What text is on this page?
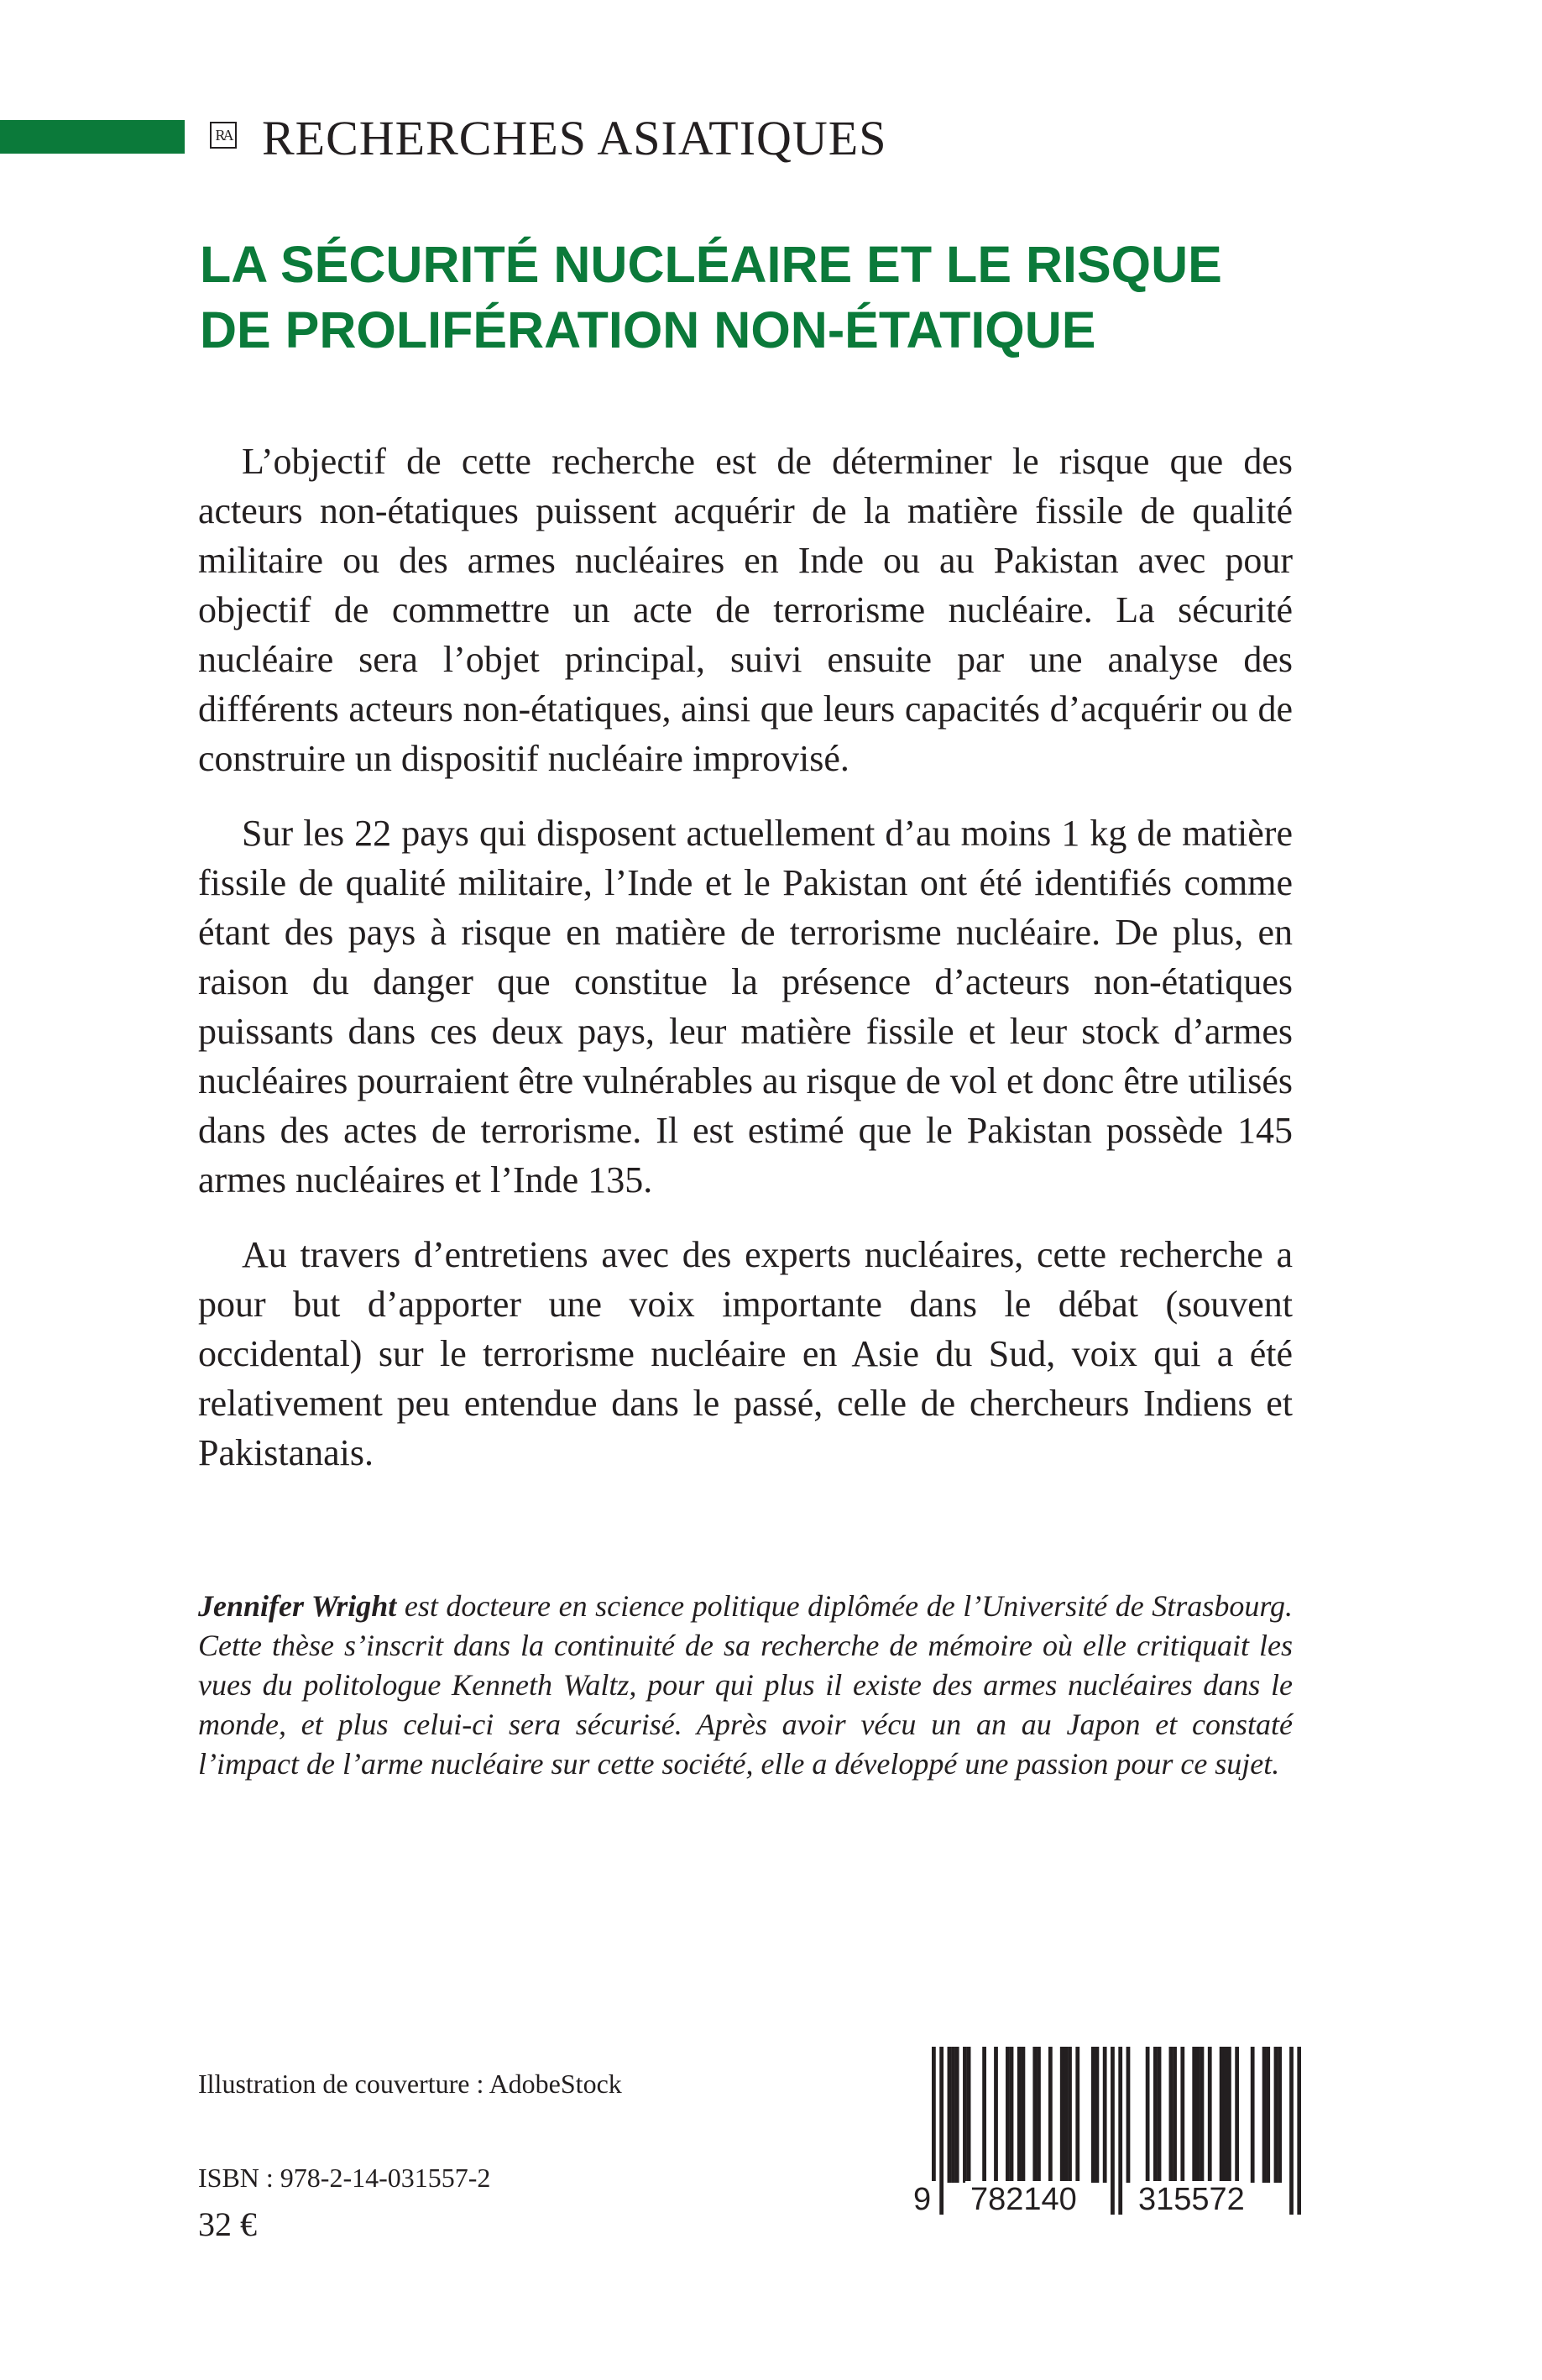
RA RECHERCHES ASIATIQUES
LA SÉCURITÉ NUCLÉAIRE ET LE RISQUE
DE PROLIFÉRATION NON-ÉTATIQUE

L’objectif de cette recherche est de déterminer le risque que des acteurs non-étatiques puissent acquérir de la matière fissile de qualité militaire ou des armes nucléaires en Inde ou au Pakistan avec pour objectif de commettre un acte de terrorisme nucléaire. La sécurité nucléaire sera l’objet principal, suivi ensuite par une analyse des différents acteurs non-étatiques, ainsi que leurs capacités d’acquérir ou de construire un dispositif nucléaire improvisé.

Sur les 22 pays qui disposent actuellement d’au moins 1 kg de matière fissile de qualité militaire, l’Inde et le Pakistan ont été identifiés comme étant des pays à risque en matière de terrorisme nucléaire. De plus, en raison du danger que constitue la présence d’acteurs non-étatiques puissants dans ces deux pays, leur matière fissile et leur stock d’armes nucléaires pourraient être vulnérables au risque de vol et donc être utilisés dans des actes de terrorisme. Il est estimé que le Pakistan possède 145 armes nucléaires et l’Inde 135.

Au travers d’entretiens avec des experts nucléaires, cette recherche a pour but d’apporter une voix importante dans le débat (souvent occidental) sur le terrorisme nucléaire en Asie du Sud, voix qui a été relativement peu entendue dans le passé, celle de chercheurs Indiens et Pakistanais.

Jennifer Wright est docteure en science politique diplômée de l’Université de Strasbourg. Cette thèse s’inscrit dans la continuité de sa recherche de mémoire où elle critiquait les vues du politologue Kenneth Waltz, pour qui plus il existe des armes nucléaires dans le monde, et plus celui-ci sera sécurisé. Après avoir vécu un an au Japon et constaté l’impact de l’arme nucléaire sur cette société, elle a développé une passion pour ce sujet.

Illustration de couverture : AdobeStock
ISBN : 978-2-14-031557-2
32 €
9 782140 315572
